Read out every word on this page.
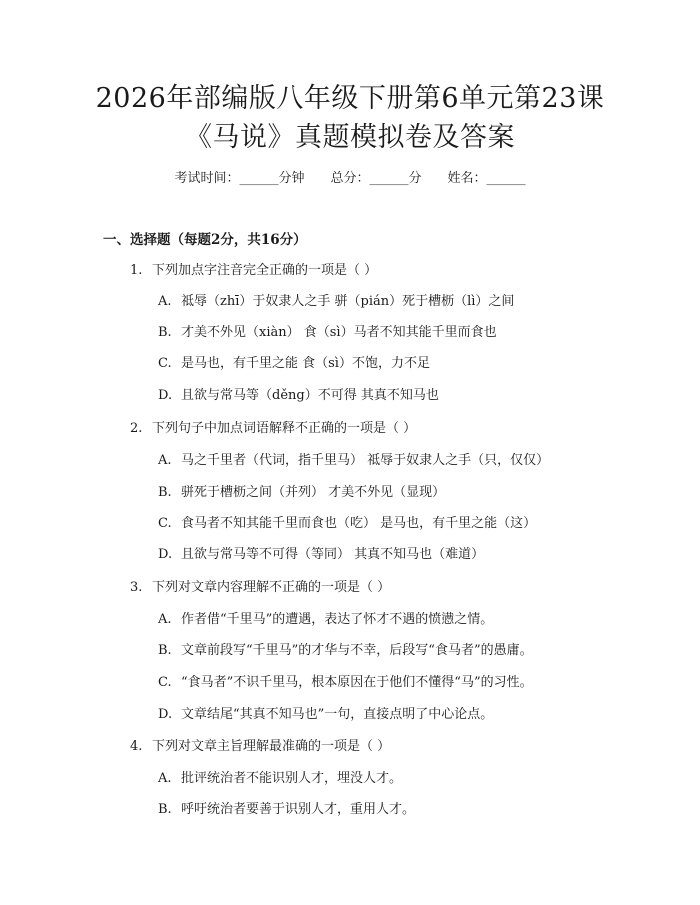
2026年部编版八年级下册第6单元第23课
《马说》真题模拟卷及答案
考试时间：______分钟 总分：______分 姓名：______
一、选择题（每题2分，共16分）
1. 下列加点字注音完全正确的一项是（ ）
A. 祗辱（zhī）于奴隶人之手 骈（pián）死于槽枥（lì）之间
B. 才美不外见（xiàn） 食（sì）马者不知其能千里而食也
C. 是马也，有千里之能 食（sì）不饱，力不足
D. 且欲与常马等（děng）不可得 其真不知马也
2. 下列句子中加点词语解释不正确的一项是（ ）
A. 马之千里者（代词，指千里马） 祗辱于奴隶人之手（只，仅仅）
B. 骈死于槽枥之间（并列） 才美不外见（显现）
C. 食马者不知其能千里而食也（吃） 是马也，有千里之能（这）
D. 且欲与常马等不可得（等同） 其真不知马也（难道）
3. 下列对文章内容理解不正确的一项是（ ）
A. 作者借“千里马”的遭遇，表达了怀才不遇的愤懑之情。
B. 文章前段写“千里马”的才华与不幸，后段写“食马者”的愚庸。
C. “食马者”不识千里马，根本原因在于他们不懂得“马”的习性。
D. 文章结尾“其真不知马也”一句，直接点明了中心论点。
4. 下列对文章主旨理解最准确的一项是（ ）
A. 批评统治者不能识别人才，埋没人才。
B. 呼吁统治者要善于识别人才，重用人才。
